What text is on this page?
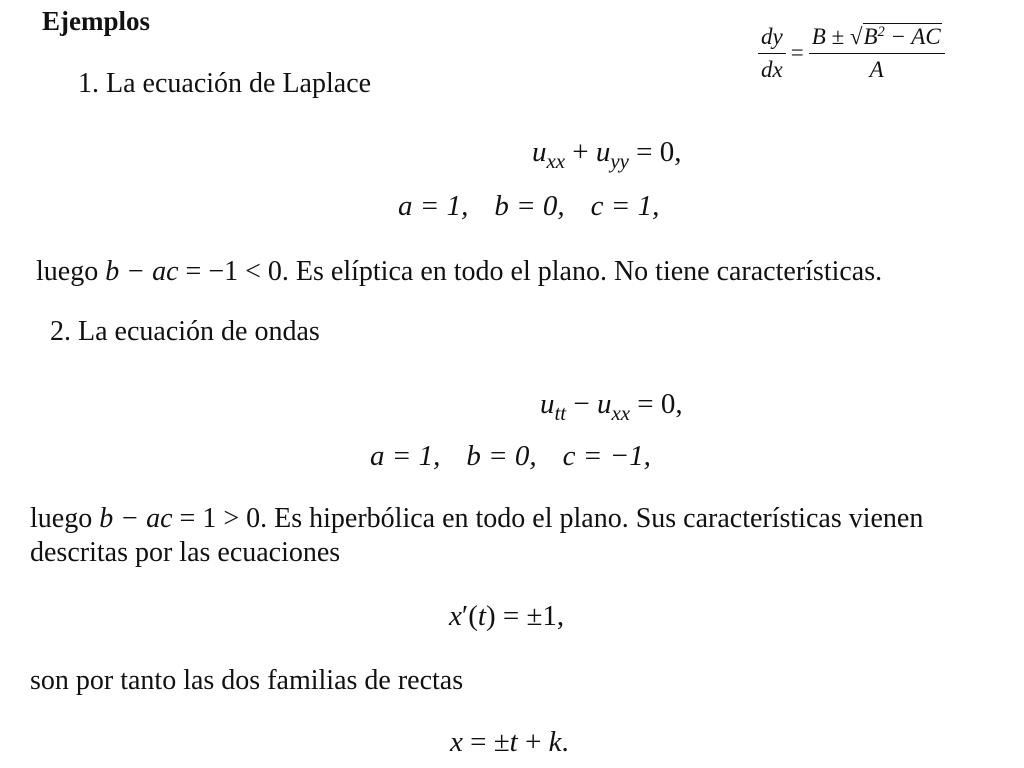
Ejemplos
$\frac{dy}{dx} = \frac{B \pm √B^2 - AC}{A}$
1. La ecuación de Laplace
$u_{xx} + u_{yy} = 0$,
a = 1, b = 0, c = 1,
luego b − ac = −1 < 0. Es elíptica en todo el plano. No tiene características.
2. La ecuación de ondas
$u_{tt} - u_{xx} = 0$,
a = 1, b = 0, c = −1,
luego b − ac = 1 > 0. Es hiperbólica en todo el plano. Sus características vienen
descritas por las ecuaciones
x′(t) = ±1,
son por tanto las dos familias de rectas
x = ±t + k.
